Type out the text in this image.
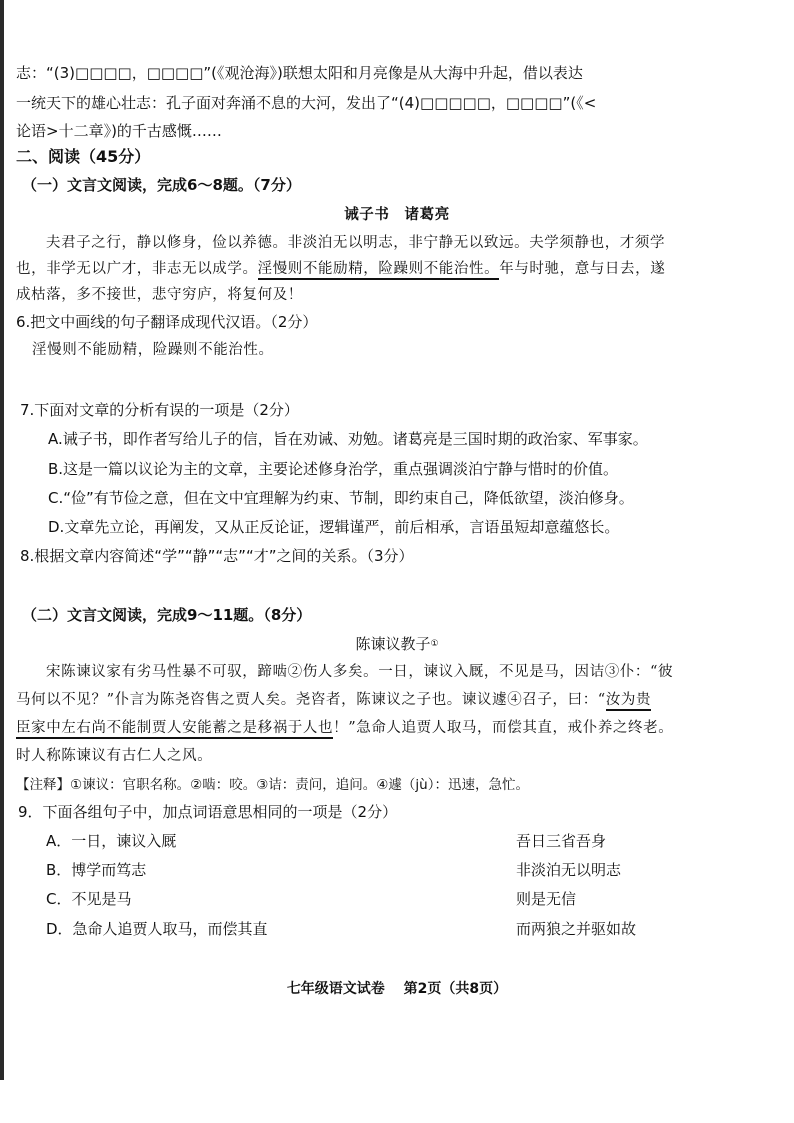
志：“(3)□□□□，□□□□”(《观沧海》)联想太阳和月亮像是从大海中升起，借以表达
一统天下的雄心壮志：孔子面对奔涌不息的大河，发出了“(4)□□□□□，□□□□”(《<
论语>十二章》)的千古感慨……
二、阅读（45分）
（一）文言文阅读，完成6～8题。（7分）
诫子书　诸葛亮
夫君子之行，静以修身，俭以养德。非淡泊无以明志，非宁静无以致远。夫学须静也，才须学
也，非学无以广才，非志无以成学。淫慢则不能励精，险躁则不能治性。年与时驰，意与日去，遂
成枯落，多不接世，悲守穷庐，将复何及！
6.把文中画线的句子翻译成现代汉语。（2分）
淫慢则不能励精，险躁则不能治性。
7.下面对文章的分析有误的一项是（2分）
A.诫子书，即作者写给儿子的信，旨在劝诫、劝勉。诸葛亮是三国时期的政治家、军事家。
B.这是一篇以议论为主的文章，主要论述修身治学，重点强调淡泊宁静与惜时的价值。
C.“俭”有节俭之意，但在文中宜理解为约束、节制，即约束自己，降低欲望，淡泊修身。
D.文章先立论，再阐发，又从正反论证，逻辑谨严，前后相承，言语虽短却意蕴悠长。
8.根据文章内容简述“学”“静”“志”“才”之间的关系。（3分）
（二）文言文阅读，完成9～11题。（8分）
陈谏议教子①
宋陈谏议家有劣马性暴不可驭，蹄啮②伤人多矣。一日，谏议入厩，不见是马，因诘③仆：“彼
马何以不见？”仆言为陈尧咨售之贾人矣。尧咨者，陈谏议之子也。谏议遽④召子，曰：“汝为贵
臣家中左右尚不能制贾人安能蓄之是移祸于人也！”急命人追贾人取马，而偿其直，戒仆养之终老。
时人称陈谏议有古仁人之风。
【注释】①谏议：官职名称。②啮：咬。③诘：责问，追问。④遽（jù）：迅速，急忙。
9．下面各组句子中，加点词语意思相同的一项是（2分）
A．一日，谏议入厩	吾日三省吾身
B．博学而笃志	非淡泊无以明志
C．不见是马	则是无信
D．急命人追贾人取马，而偿其直	而两狼之并驱如故
七年级语文试卷　 第2页（共8页）
